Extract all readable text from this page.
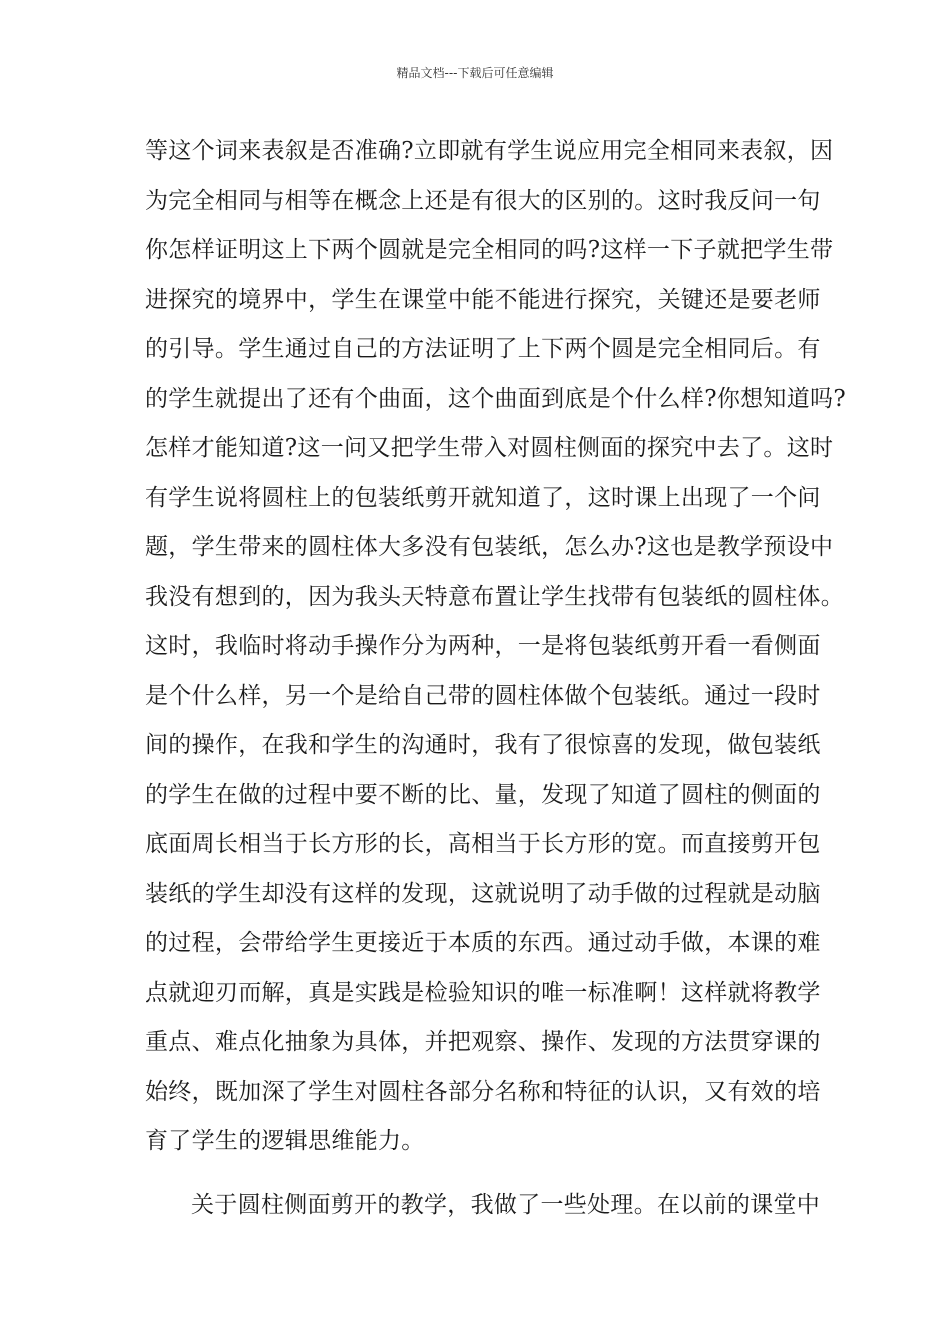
精品文档---下载后可任意编辑
等这个词来表叙是否准确?立即就有学生说应用完全相同来表叙，因
为完全相同与相等在概念上还是有很大的区别的。这时我反问一句
你怎样证明这上下两个圆就是完全相同的吗?这样一下子就把学生带
进探究的境界中，学生在课堂中能不能进行探究，关键还是要老师
的引导。学生通过自己的方法证明了上下两个圆是完全相同后。有
的学生就提出了还有个曲面，这个曲面到底是个什么样?你想知道吗?
怎样才能知道?这一问又把学生带入对圆柱侧面的探究中去了。这时
有学生说将圆柱上的包装纸剪开就知道了，这时课上出现了一个问
题，学生带来的圆柱体大多没有包装纸，怎么办?这也是教学预设中
我没有想到的，因为我头天特意布置让学生找带有包装纸的圆柱体。
这时，我临时将动手操作分为两种，一是将包装纸剪开看一看侧面
是个什么样，另一个是给自己带的圆柱体做个包装纸。通过一段时
间的操作，在我和学生的沟通时，我有了很惊喜的发现，做包装纸
的学生在做的过程中要不断的比、量，发现了知道了圆柱的侧面的
底面周长相当于长方形的长，高相当于长方形的宽。而直接剪开包
装纸的学生却没有这样的发现，这就说明了动手做的过程就是动脑
的过程，会带给学生更接近于本质的东西。通过动手做，本课的难
点就迎刃而解，真是实践是检验知识的唯一标准啊！这样就将教学
重点、难点化抽象为具体，并把观察、操作、发现的方法贯穿课的
始终，既加深了学生对圆柱各部分名称和特征的认识，又有效的培
育了学生的逻辑思维能力。
关于圆柱侧面剪开的教学，我做了一些处理。在以前的课堂中
